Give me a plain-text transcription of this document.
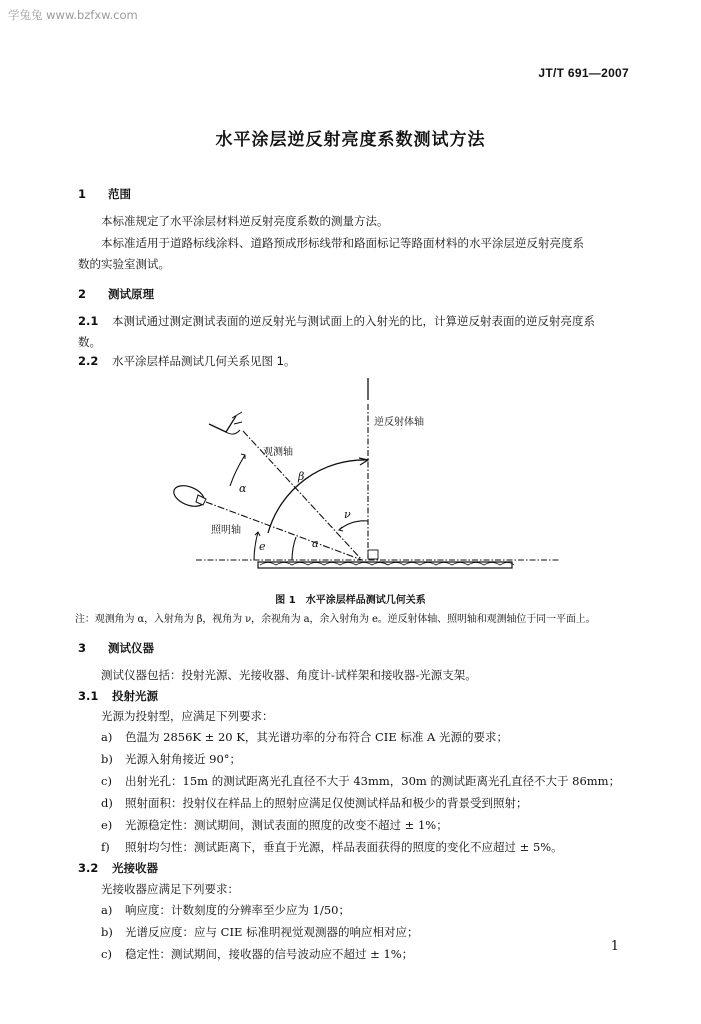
学兔兔 www.bzfxw.com
JT/T 691—2007
水平涂层逆反射亮度系数测试方法
1 范围
本标准规定了水平涂层材料逆反射亮度系数的测量方法。
本标准适用于道路标线涂料、道路预成形标线带和路面标记等路面材料的水平涂层逆反射亮度系
数的实验室测试。
2 测试原理
2.1 本测试通过测定测试表面的逆反射光与测试面上的入射光的比，计算逆反射表面的逆反射亮度系
数。
2.2 水平涂层样品测试几何关系见图 1。
逆反射体轴
观测轴
照明轴
α
β
ν
a
e
图 1　水平涂层样品测试几何关系
注：观测角为 α，入射角为 β，视角为 ν，余视角为 a，余入射角为 e。逆反射体轴、照明轴和观测轴位于同一平面上。
3 测试仪器
测试仪器包括：投射光源、光接收器、角度计-试样架和接收器-光源支架。
3.1 投射光源
光源为投射型，应满足下列要求：
a) 色温为 2856K ± 20 K，其光谱功率的分布符合 CIE 标准 A 光源的要求；
b) 光源入射角接近 90°；
c) 出射光孔：15m 的测试距离光孔直径不大于 43mm，30m 的测试距离光孔直径不大于 86mm；
d) 照射面积：投射仪在样品上的照射应满足仅使测试样品和极少的背景受到照射；
e) 光源稳定性：测试期间，测试表面的照度的改变不超过 ± 1%；
f) 照射均匀性：测试距离下，垂直于光源，样品表面获得的照度的变化不应超过 ± 5%。
3.2 光接收器
光接收器应满足下列要求：
a) 响应度：计数刻度的分辨率至少应为 1/50；
b) 光谱反应度：应与 CIE 标准明视觉观测器的响应相对应；
c) 稳定性：测试期间，接收器的信号波动应不超过 ± 1%；	1
